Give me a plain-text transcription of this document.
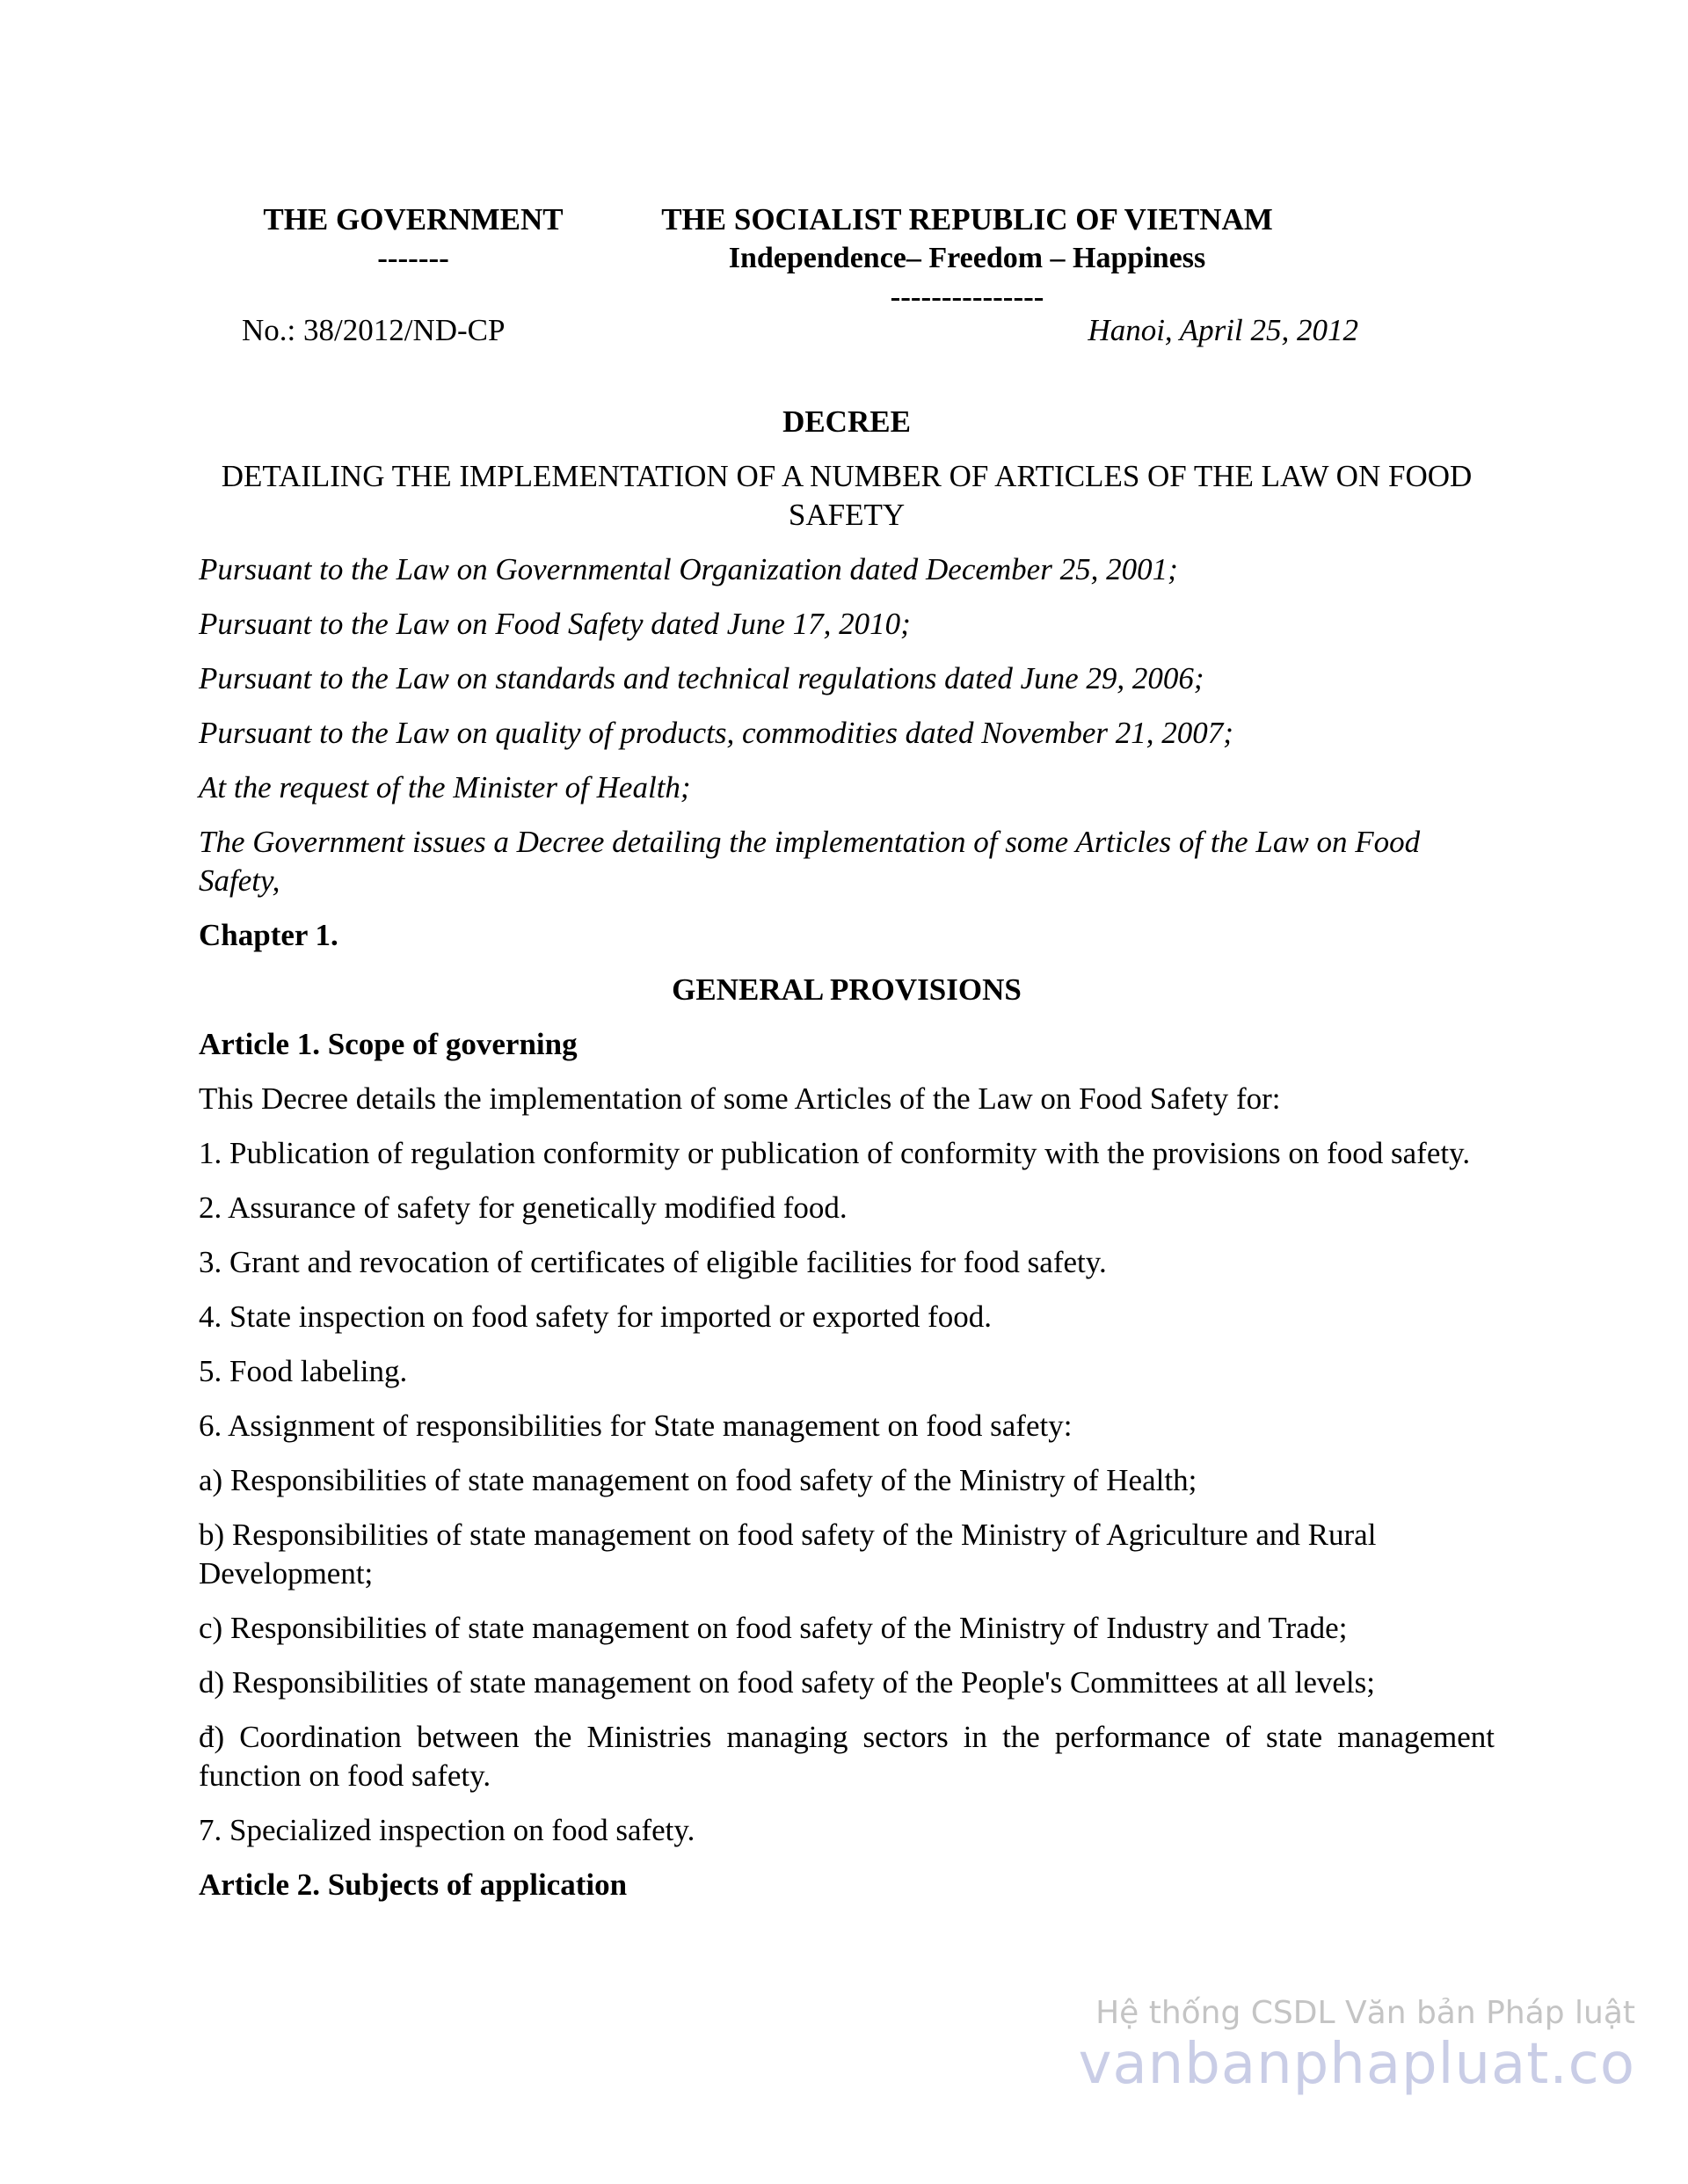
THE GOVERNMENT
-------
THE SOCIALIST REPUBLIC OF VIETNAM
Independence– Freedom – Happiness
---------------
No.: 38/2012/ND-CP	Hanoi, April 25, 2012
DECREE
DETAILING THE IMPLEMENTATION OF A NUMBER OF ARTICLES OF THE LAW ON FOOD SAFETY

Pursuant to the Law on Governmental Organization dated December 25, 2001;

Pursuant to the Law on Food Safety dated June 17, 2010;

Pursuant to the Law on standards and technical regulations dated June 29, 2006;

Pursuant to the Law on quality of products, commodities dated November 21, 2007;

At the request of the Minister of Health;

The Government issues a Decree detailing the implementation of some Articles of the Law on Food Safety,

Chapter 1.

GENERAL PROVISIONS

Article 1. Scope of governing

This Decree details the implementation of some Articles of the Law on Food Safety for:

1. Publication of regulation conformity or publication of conformity with the provisions on food safety.

2. Assurance of safety for genetically modified food.

3. Grant and revocation of certificates of eligible facilities for food safety.

4. State inspection on food safety for imported or exported food.

5. Food labeling.

6. Assignment of responsibilities for State management on food safety:

a) Responsibilities of state management on food safety of the Ministry of Health;

b) Responsibilities of state management on food safety of the Ministry of Agriculture and Rural Development;

c) Responsibilities of state management on food safety of the Ministry of Industry and Trade;

d) Responsibilities of state management on food safety of the People's Committees at all levels;

đ) Coordination between the Ministries managing sectors in the performance of state management function on food safety.

7. Specialized inspection on food safety.

Article 2. Subjects of application

Hệ thống CSDL Văn bản Pháp luật
vanbanphapluat.co
